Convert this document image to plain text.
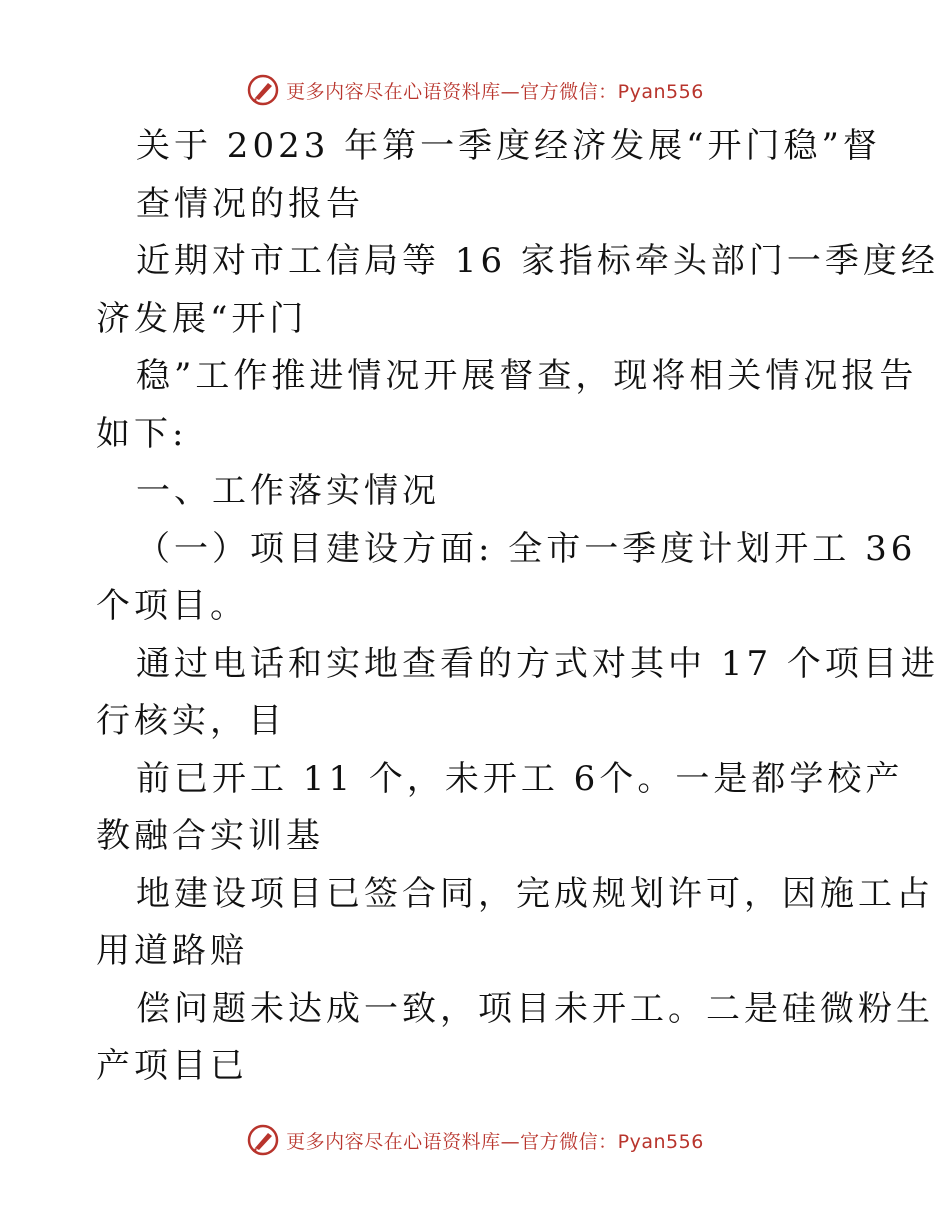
更多内容尽在心语资料库—官方微信：Pyan556

关于 2023 年第一季度经济发展“开门稳”督

查情况的报告

近期对市工信局等 16 家指标牵头部门一季度经

济发展“开门

稳”工作推进情况开展督查，现将相关情况报告

如下:

一、工作落实情况

（一）项目建设方面: 全市一季度计划开工 36

个项目。

通过电话和实地查看的方式对其中 17 个项目进

行核实，目

前已开工 11 个，未开工 6个。一是都学校产

教融合实训基

地建设项目已签合同，完成规划许可，因施工占

用道路赔

偿问题未达成一致，项目未开工。二是硅微粉生

产项目已

更多内容尽在心语资料库—官方微信：Pyan556
